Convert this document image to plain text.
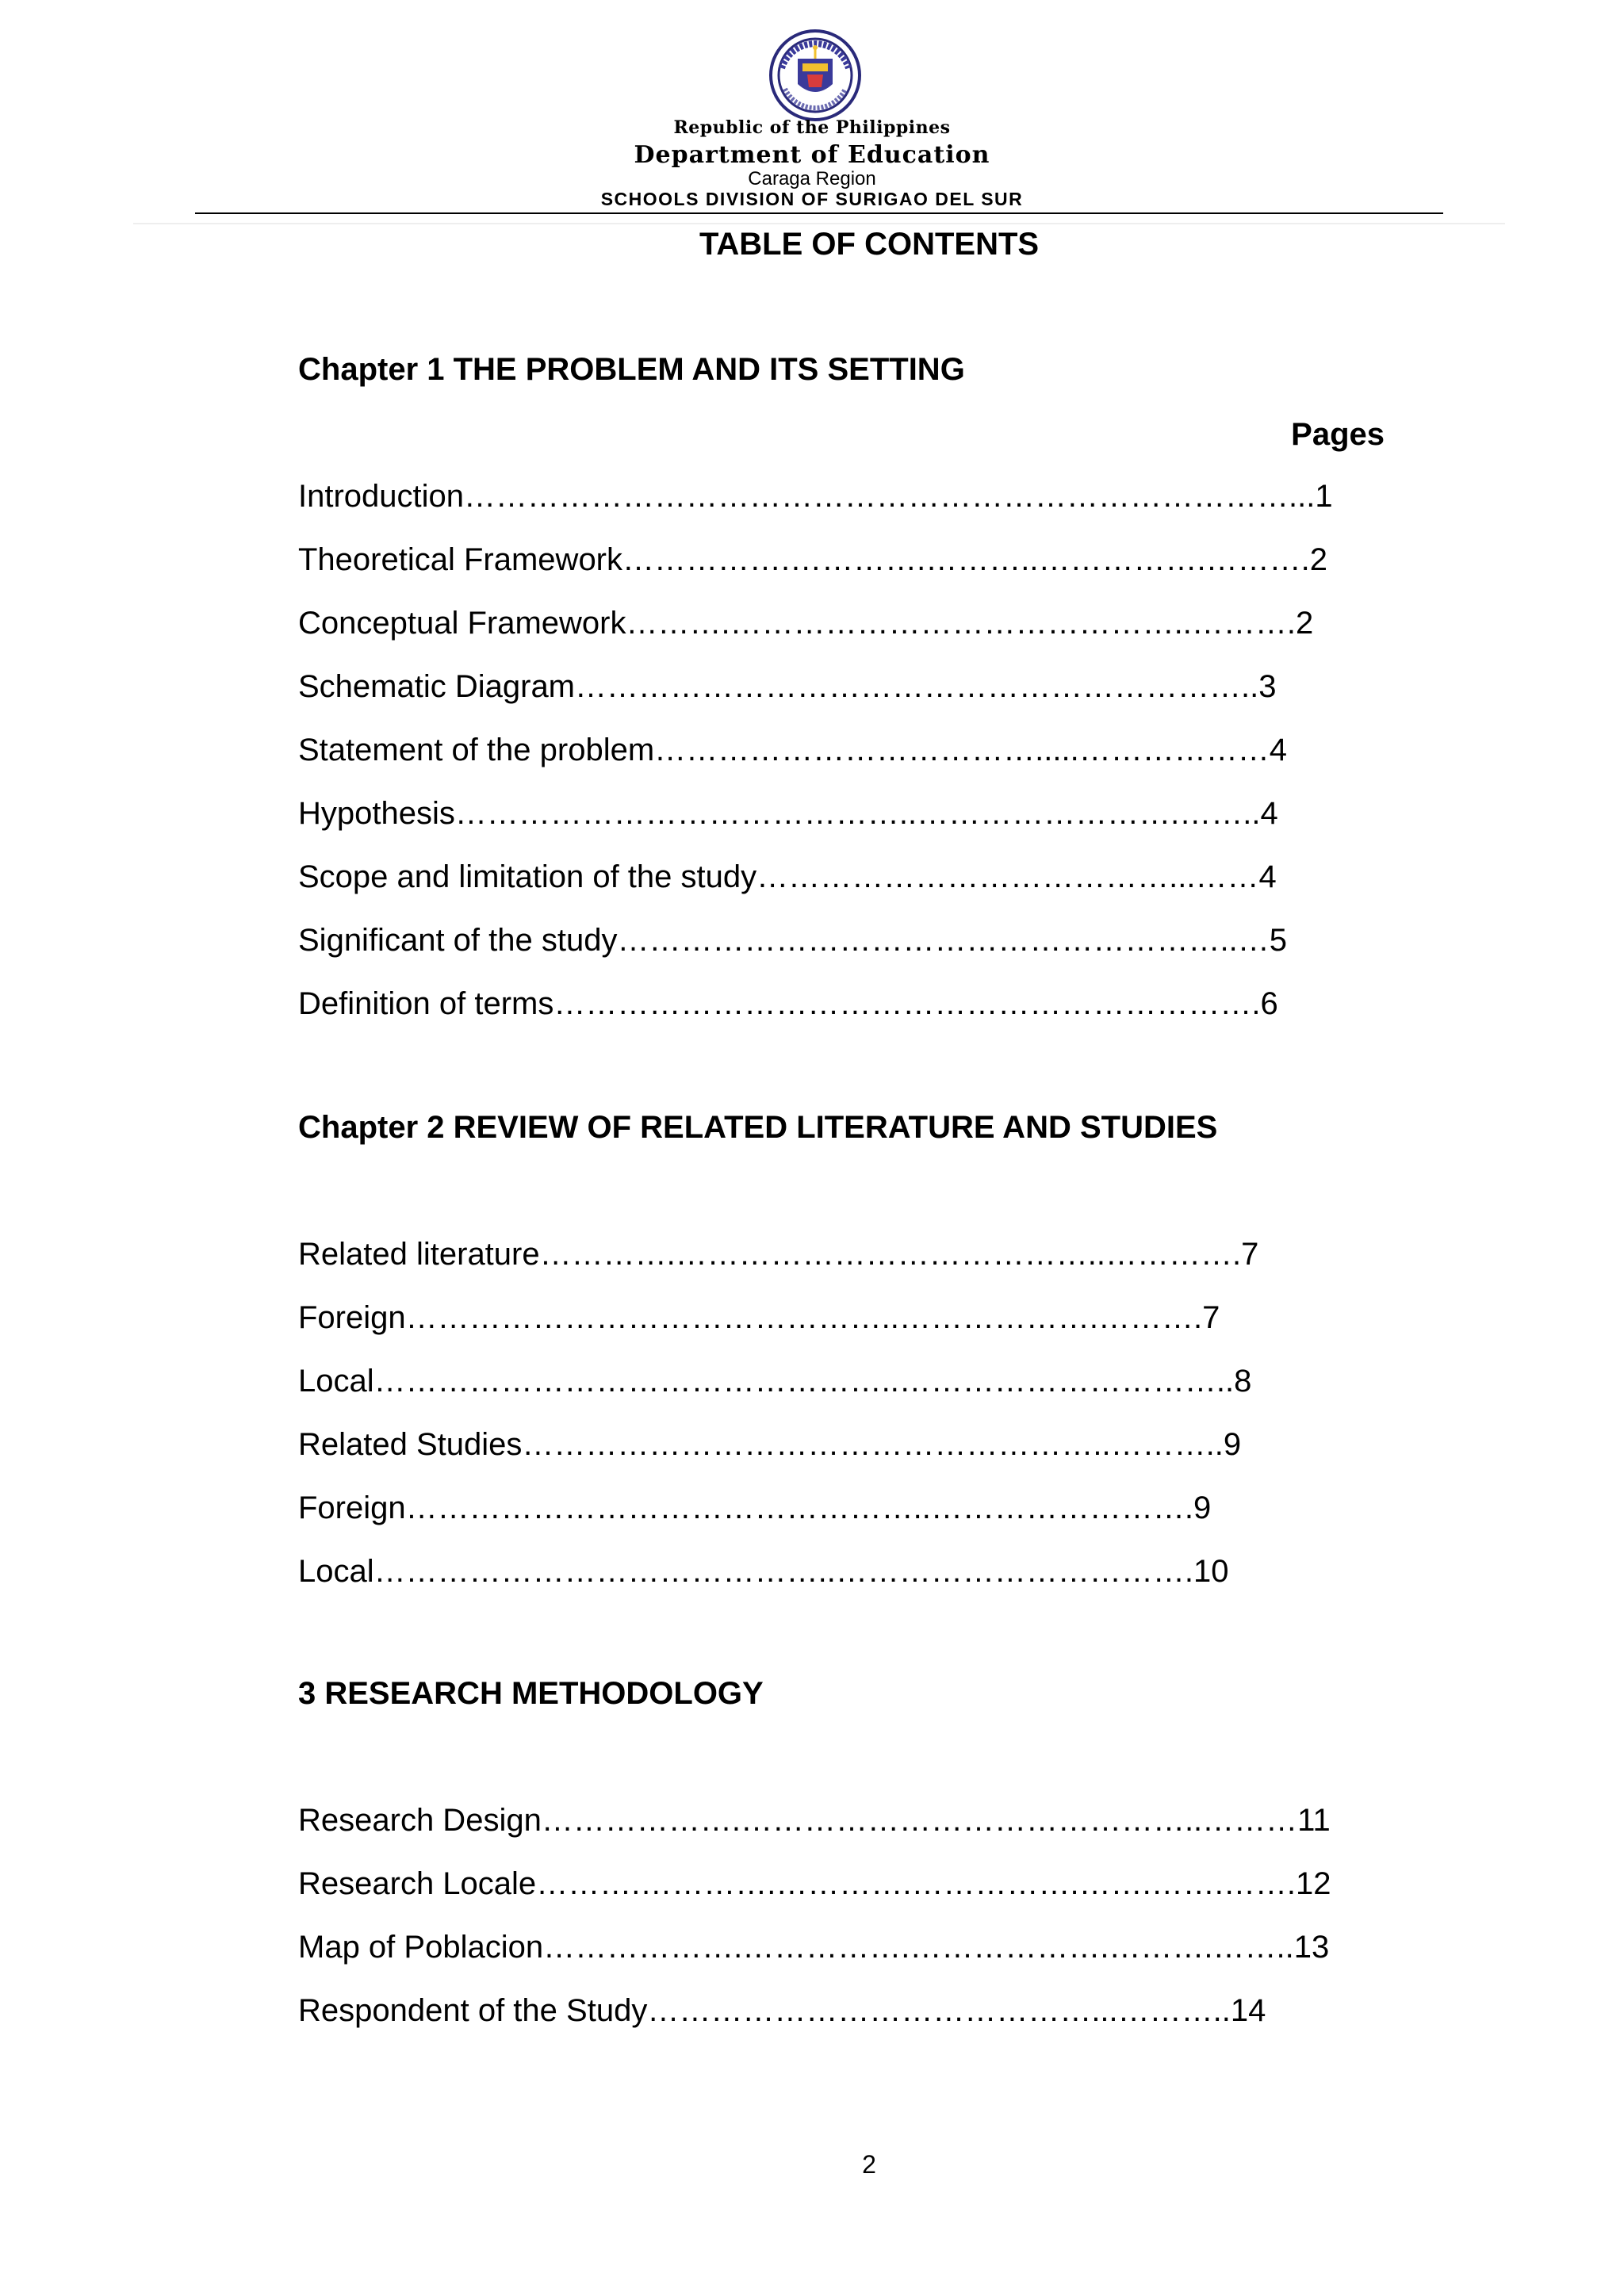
Republic of the Philippines
Department of Education
Caraga Region
SCHOOLS DIVISION OF SURIGAO DEL SUR
TABLE OF CONTENTS
Chapter 1 THE PROBLEM AND ITS SETTING
Pages
Introduction……………………………………………………………………...1
Theoretical Framework…………….………….………..…………….……….2
Conceptual Framework……….……………………………………..……….2
Schematic Diagram………………………………………………………..3
Statement of the problem……………………………….....………………4
Hypothesis……………………………………..…………………….……..4
Scope and limitation of the study…………………………………...……4
Significant of the study…………………………………………………..…5
Definition of terms………………………………………………………….6
Chapter 2 REVIEW OF RELATED LITERATURE AND STUDIES
Related literature………….…………………………………..………….7
Foreign………………………………………..……………….……….7
Local…………………………………………..…………………………..8
Related Studies………………………………………………..………..9
Foreign…………………………………………..…………………….9
Local……………………………………..…………………………….10
3 RESEARCH METHODOLOGY
Research Design……………….……………………………………..………11
Research Locale……….………….………….…………….…….…….…….12
Map of Poblacion……………….…………….……………….……….……..13
Respondent of the Study……………………………………...………..14
2
